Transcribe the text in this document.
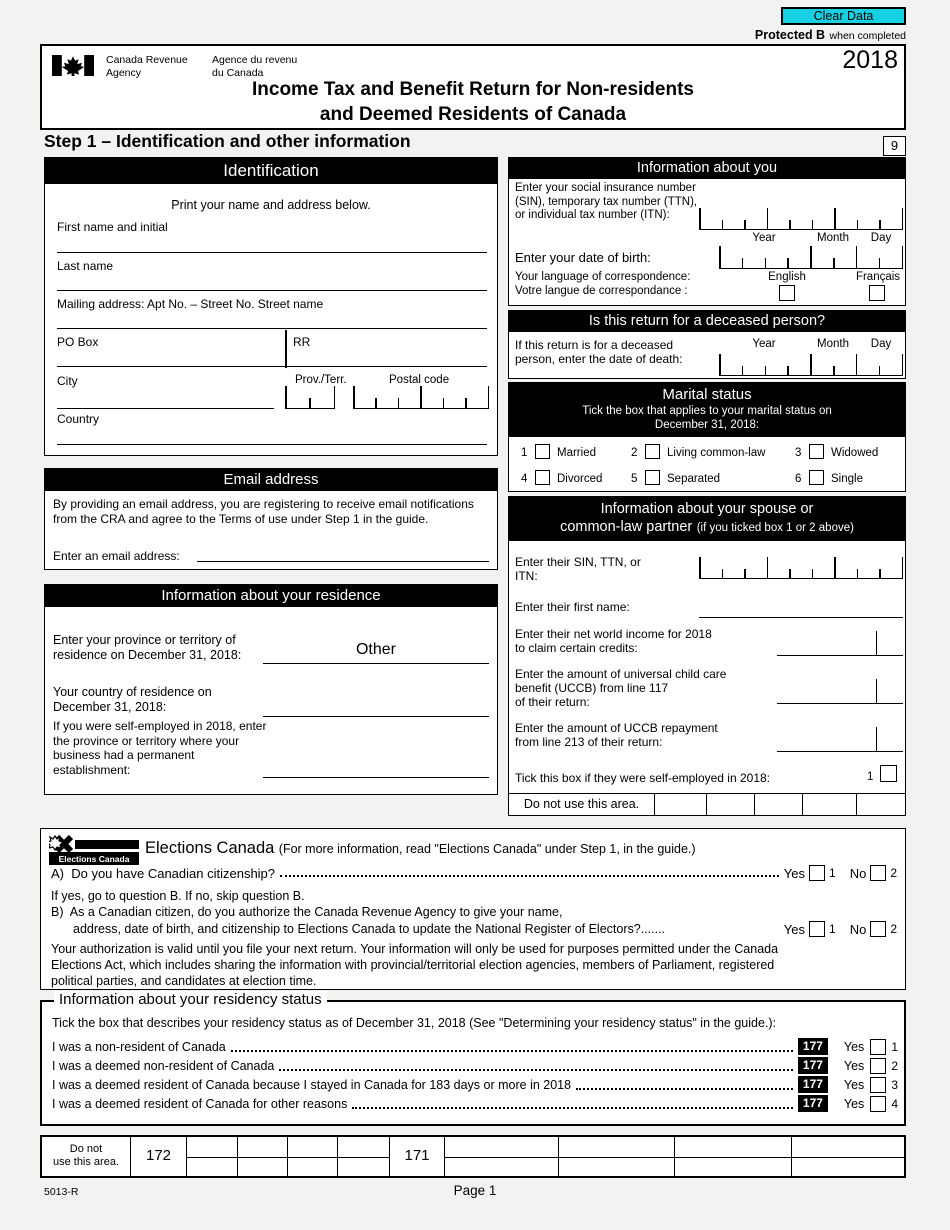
Clear Data
Protected B when completed
Canada Revenue
Agency
Agence du revenu
du Canada	2018
Income Tax and Benefit Return for Non-residents
and Deemed Residents of Canada
Step 1 – Identification and other information	9
Identification
Print your name and address below.
First name and initial
Last name
Mailing address: Apt No. – Street No. Street name
PO Box	RR
City	Prov./Terr.	Postal code
Country
Email address
By providing an email address, you are registering to receive email notifications from the CRA and agree to the Terms of use under Step 1 in the guide.
Enter an email address:
Information about your residence
Enter your province or territory of residence on December 31, 2018:	Other
Your country of residence on December 31, 2018:
If you were self-employed in 2018, enter the province or territory where your business had a permanent establishment:
Information about you
Enter your social insurance number
(SIN), temporary tax number (TTN),
or individual tax number (ITN):
Year	Month	Day
Enter your date of birth:
Your language of correspondence:
Votre langue de correspondance :
English	Français
Is this return for a deceased person?
If this return is for a deceased
person, enter the date of death:
Year	Month	Day
Marital status
Tick the box that applies to your marital status on
December 31, 2018:
1	Married	2	Living common-law	3	Widowed
4	Divorced 5	Separated	6	Single
Information about your spouse or
common-law partner (if you ticked box 1 or 2 above)
Enter their SIN, TTN, or
ITN:
Enter their first name:
Enter their net world income for 2018
to claim certain credits:
Enter the amount of universal child care
benefit (UCCB) from line 117
of their return:
Enter the amount of UCCB repayment
from line 213 of their return:
Tick this box if they were self-employed in 2018:	1
Do not use this area.
Elections Canada
Elections Canada (For more information, read "Elections Canada" under Step 1, in the guide.)
A)  Do you have Canadian citizenship?	Yes 1 No 2
If yes, go to question B. If no, skip question B.
B)  As a Canadian citizen, do you authorize the Canada Revenue Agency to give your name,
address, date of birth, and citizenship to Elections Canada to update the National Register of Electors?.......	Yes 1 No 2
Your authorization is valid until you file your next return. Your information will only be used for purposes permitted under the Canada
Elections Act, which includes sharing the information with provincial/territorial election agencies, members of Parliament, registered
political parties, and candidates at election time.
Information about your residency status
Tick the box that describes your residency status as of December 31, 2018 (See "Determining your residency status" in the guide.):
I was a non-resident of Canada	177	Yes 1
I was a deemed non-resident of Canada	177	Yes 2
I was a deemed resident of Canada because I stayed in Canada for 183 days or more in 2018	177	Yes 3
I was a deemed resident of Canada for other reasons	177	Yes 4
Do not
use this area.	172	171
5013-R	Page 1
